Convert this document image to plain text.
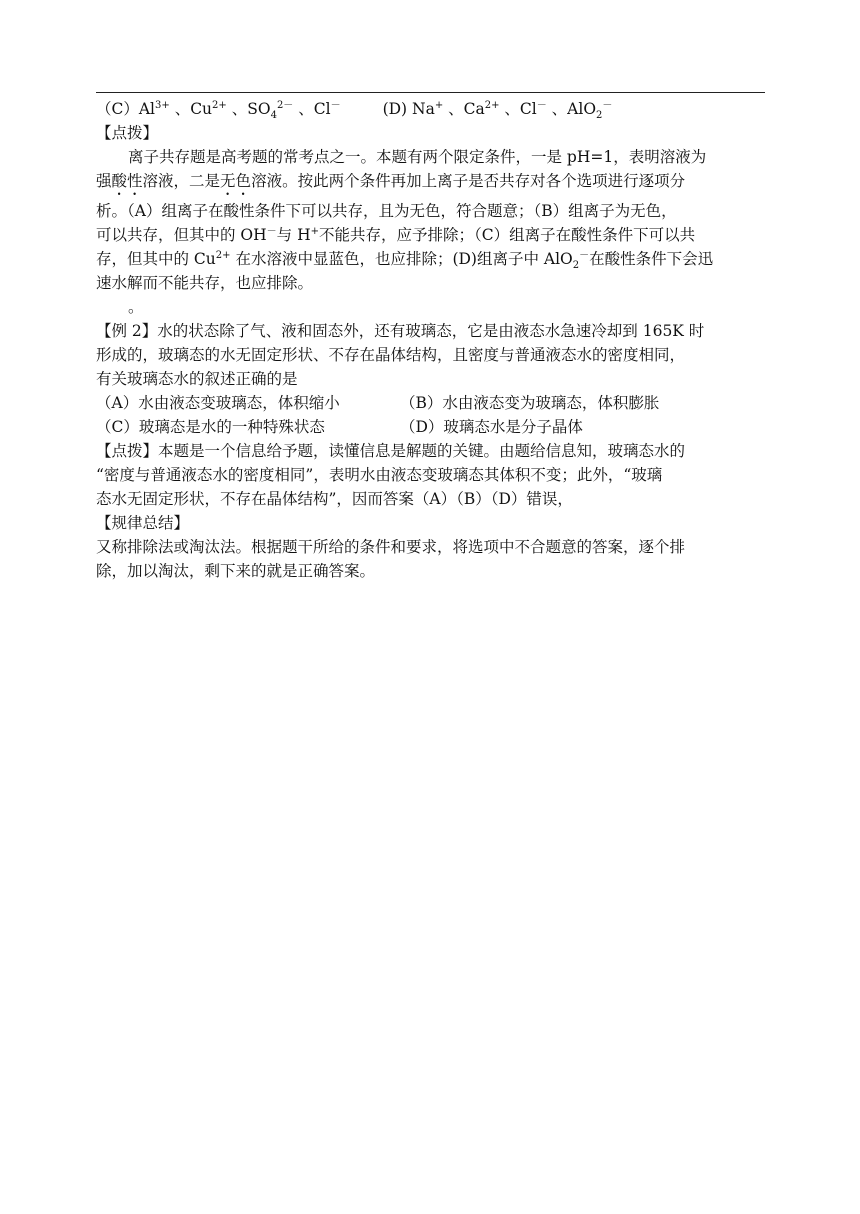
$(C)Al^{3+}$ 、$Cu^{2+}$ 、$SO_4^{2-}$ 、Cl－	(D) Na+ 、$Ca^{2+}$ 、Cl－ 、AlO$_2$－
【点拨】
离子共存题是高考题的常考点之一。本题有两个限定条件，一是 pH=1，表明溶液为
强酸性溶液，二是无色溶液。按此两个条件再加上离子是否共存对各个选项进行逐项分
析。（A）组离子在酸性条件下可以共存，且为无色，符合题意；（B）组离子为无色，
可以共存，但其中的 OH－与 H+不能共存，应予排除；（C）组离子在酸性条件下可以共
存，但其中的 $Cu^{2+}$ 在水溶液中显蓝色，也应排除；(D)组离子中 AlO$_2$－在酸性条件下会迅
速水解而不能共存，也应排除。
。
【例 2】水的状态除了气、液和固态外，还有玻璃态，它是由液态水急速冷却到 165K 时
形成的，玻璃态的水无固定形状、不存在晶体结构，且密度与普通液态水的密度相同，
有关玻璃态水的叙述正确的是
（A）水由液态变玻璃态，体积缩小	（B）水由液态变为玻璃态，体积膨胀
（C）玻璃态是水的一种特殊状态	（D）玻璃态水是分子晶体
【点拨】本题是一个信息给予题，读懂信息是解题的关键。由题给信息知，玻璃态水的
“密度与普通液态水的密度相同”，表明水由液态变玻璃态其体积不变；此外，“玻璃
态水无固定形状，不存在晶体结构”，因而答案（A）（B）（D）错误，
【规律总结】
又称排除法或淘汰法。根据题干所给的条件和要求，将选项中不合题意的答案，逐个排
除，加以淘汰，剩下来的就是正确答案。
